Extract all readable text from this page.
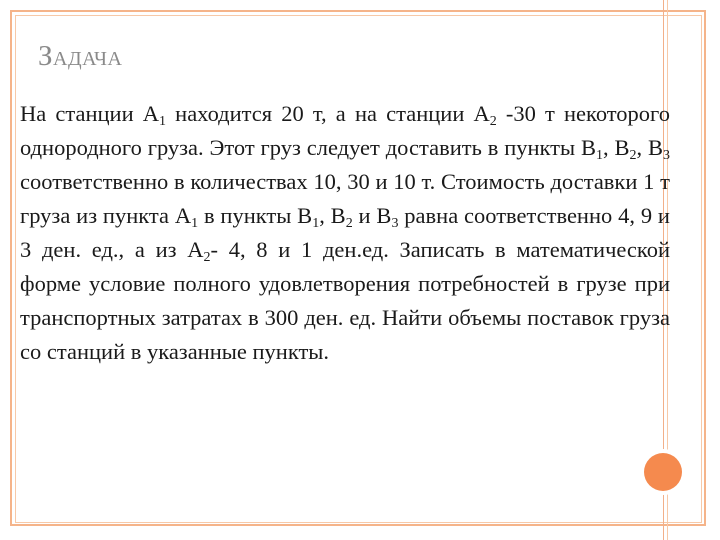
Задача
На станции $А_1$ находится 20 т, а на станции $А_2$ -30 т некоторого однородного груза. Этот груз следует доставить в пункты $В_1$, $В_2$, $В_3$ соответственно в количествах 10, 30 и 10 т. Стоимость доставки 1 т груза из пункта $А_1$ в пункты $В_1$, $В_2$ и $В_3$ равна соответственно 4, 9 и 3 ден. ед., а из $А_2-$ 4, 8 и 1 ден.ед. Записать в математической форме условие полного удовлетворения потребностей в грузе при транспортных затратах в 300 ден. ед. Найти объемы поставок груза со станций в указанные пункты.
